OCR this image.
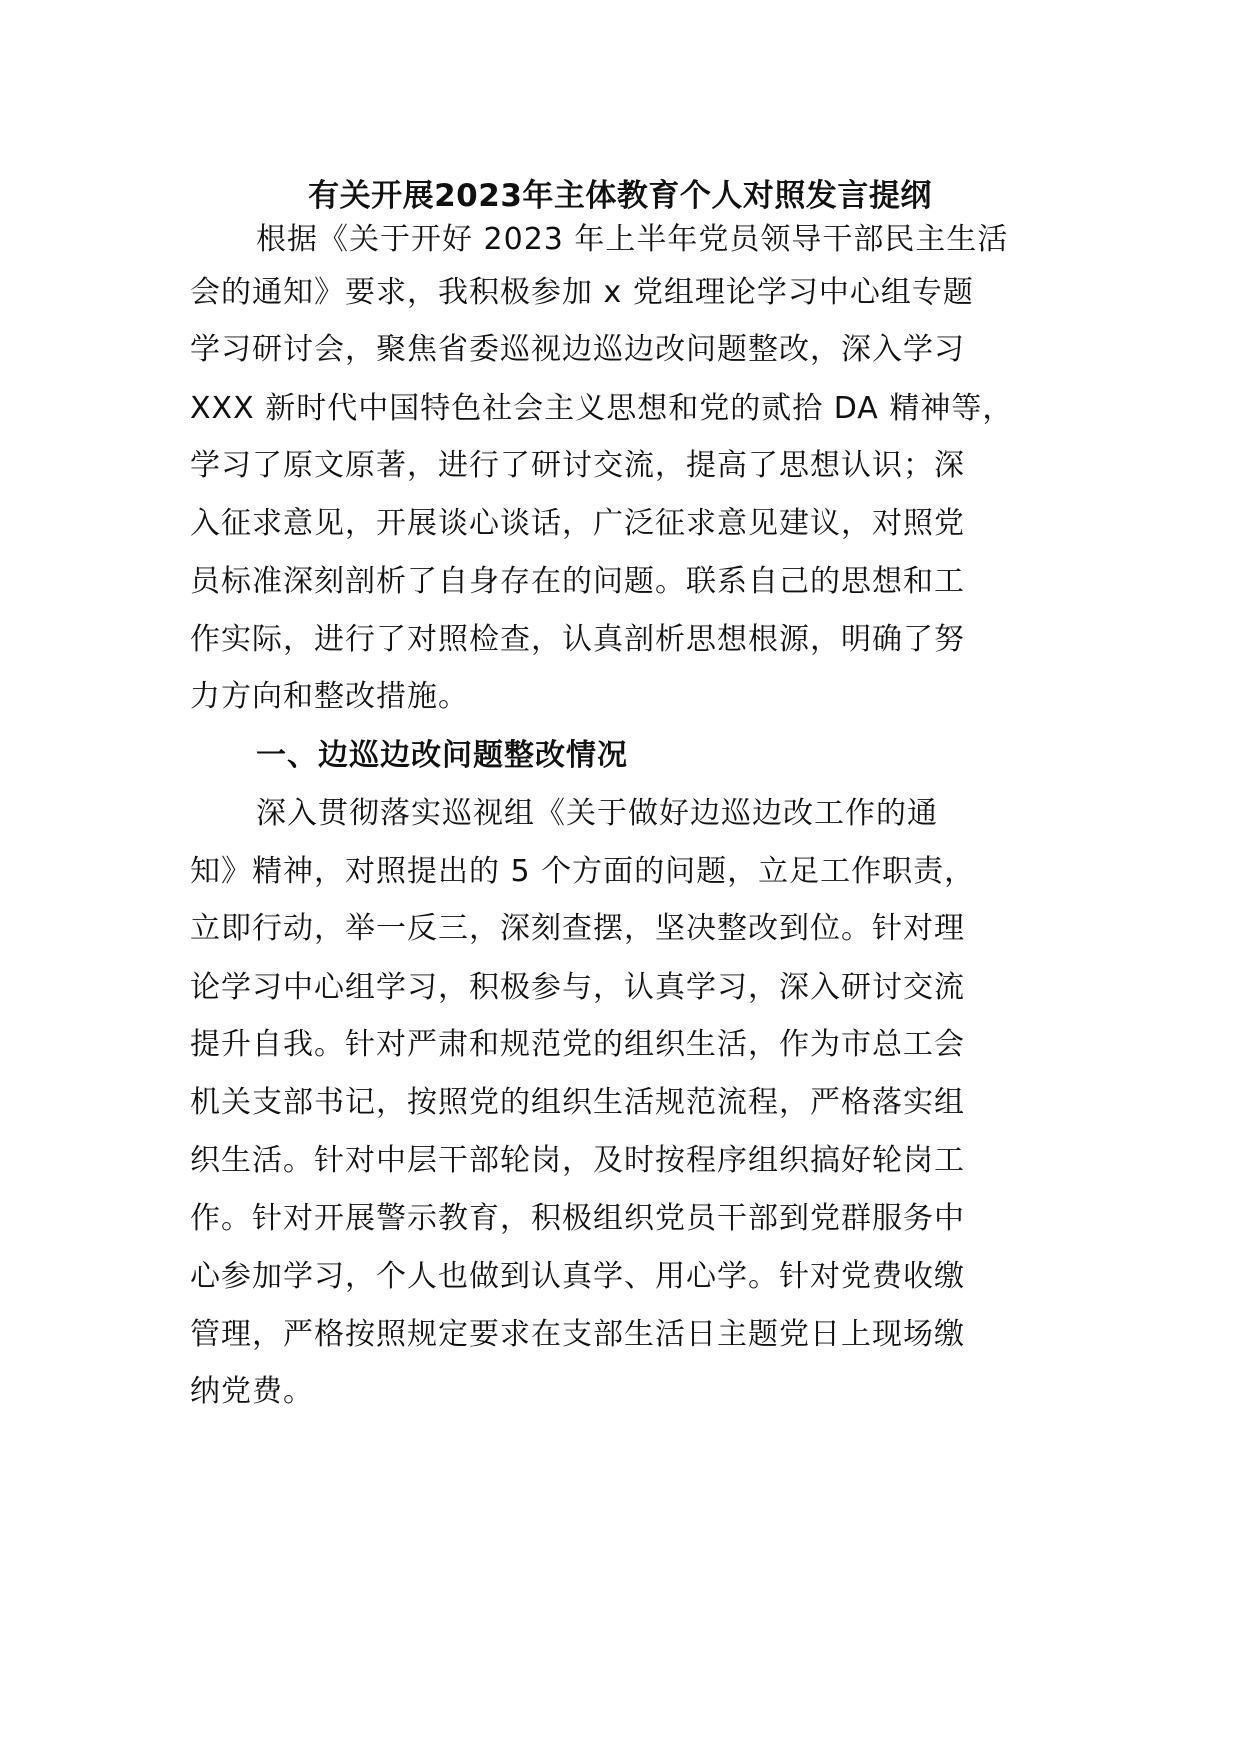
有关开展2023年主体教育个人对照发言提纲
根据《关于开好 2023 年上半年党员领导干部民主生活
会的通知》要求，我积极参加 x 党组理论学习中心组专题
学习研讨会，聚焦省委巡视边巡边改问题整改，深入学习
XXX 新时代中国特色社会主义思想和党的贰拾 DA 精神等，
学习了原文原著，进行了研讨交流，提高了思想认识；深
入征求意见，开展谈心谈话，广泛征求意见建议，对照党
员标准深刻剖析了自身存在的问题。联系自己的思想和工
作实际，进行了对照检查，认真剖析思想根源，明确了努
力方向和整改措施。
一、边巡边改问题整改情况
深入贯彻落实巡视组《关于做好边巡边改工作的通
知》精神，对照提出的 5 个方面的问题，立足工作职责，
立即行动，举一反三，深刻查摆，坚决整改到位。针对理
论学习中心组学习，积极参与，认真学习，深入研讨交流
提升自我。针对严肃和规范党的组织生活，作为市总工会
机关支部书记，按照党的组织生活规范流程，严格落实组
织生活。针对中层干部轮岗，及时按程序组织搞好轮岗工
作。针对开展警示教育，积极组织党员干部到党群服务中
心参加学习，个人也做到认真学、用心学。针对党费收缴
管理，严格按照规定要求在支部生活日主题党日上现场缴
纳党费。
